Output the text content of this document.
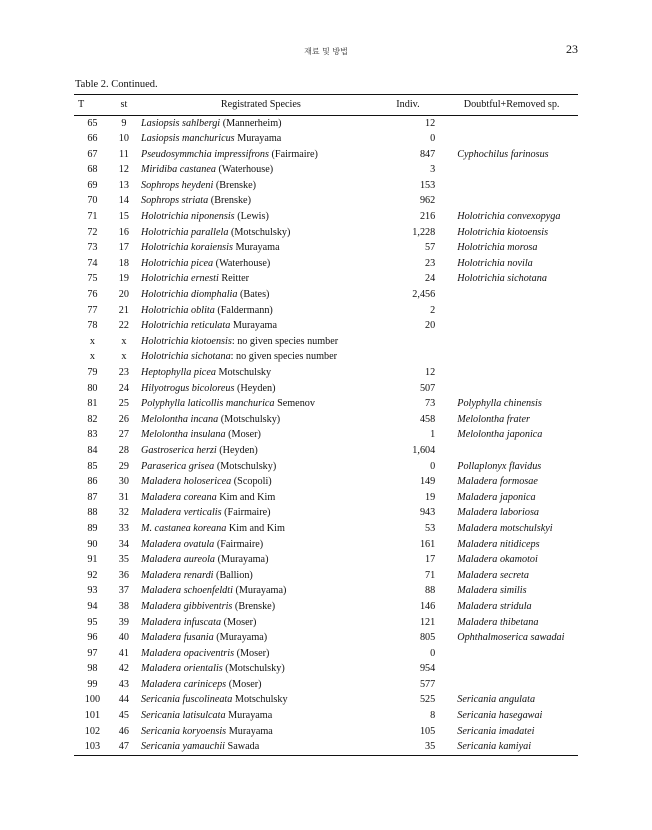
재료 및 방법	23
Table 2. Continued.
T	st	Registrated Species	Indiv.	Doubtful+Removed sp.
65	9	Lasiopsis sahlbergi (Mannerheim)	12	
66	10	Lasiopsis manchuricus Murayama	0	
67	11	Pseudosymmchia impressifrons (Fairmaire)	847	Cyphochilus farinosus
68	12	Miridiba castanea (Waterhouse)	3	
69	13	Sophrops heydeni (Brenske)	153	
70	14	Sophrops striata (Brenske)	962	
71	15	Holotrichia niponensis (Lewis)	216	Holotrichia convexopyga
72	16	Holotrichia parallela (Motschulsky)	1,228	Holotrichia kiotoensis
73	17	Holotrichia koraiensis Murayama	57	Holotrichia morosa
74	18	Holotrichia picea (Waterhouse)	23	Holotrichia novila
75	19	Holotrichia ernesti Reitter	24	Holotrichia sichotana
76	20	Holotrichia diomphalia (Bates)	2,456	
77	21	Holotrichia oblita (Faldermann)	2	
78	22	Holotrichia reticulata Murayama	20	
x	x	Holotrichia kiotoensis: no given species number		
x	x	Holotrichia sichotana: no given species number		
79	23	Heptophylla picea Motschulsky	12	
80	24	Hilyotrogus bicoloreus (Heyden)	507	
81	25	Polyphylla laticollis manchurica Semenov	73	Polyphylla chinensis
82	26	Melolontha incana (Motschulsky)	458	Melolontha frater
83	27	Melolontha insulana (Moser)	1	Melolontha japonica
84	28	Gastroserica herzi (Heyden)	1,604	
85	29	Paraserica grisea (Motschulsky)	0	Pollaplonyx flavidus
86	30	Maladera holosericea (Scopoli)	149	Maladera formosae
87	31	Maladera coreana Kim and Kim	19	Maladera japonica
88	32	Maladera verticalis (Fairmaire)	943	Maladera laboriosa
89	33	M. castanea koreana Kim and Kim	53	Maladera motschulskyi
90	34	Maladera ovatula (Fairmaire)	161	Maladera nitidiceps
91	35	Maladera aureola (Murayama)	17	Maladera okamotoi
92	36	Maladera renardi (Ballion)	71	Maladera secreta
93	37	Maladera schoenfeldti (Murayama)	88	Maladera similis
94	38	Maladera gibbiventris (Brenske)	146	Maladera stridula
95	39	Maladera infuscata (Moser)	121	Maladera thibetana
96	40	Maladera fusania (Murayama)	805	Ophthalmoserica sawadai
97	41	Maladera opaciventris (Moser)	0	
98	42	Maladera orientalis (Motschulsky)	954	
99	43	Maladera cariniceps (Moser)	577	
100	44	Sericania fuscolineata Motschulsky	525	Sericania angulata
101	45	Sericania latisulcata Murayama	8	Sericania hasegawai
102	46	Sericania koryoensis Murayama	105	Sericania imadatei
103	47	Sericania yamauchii Sawada	35	Sericania kamiyai
